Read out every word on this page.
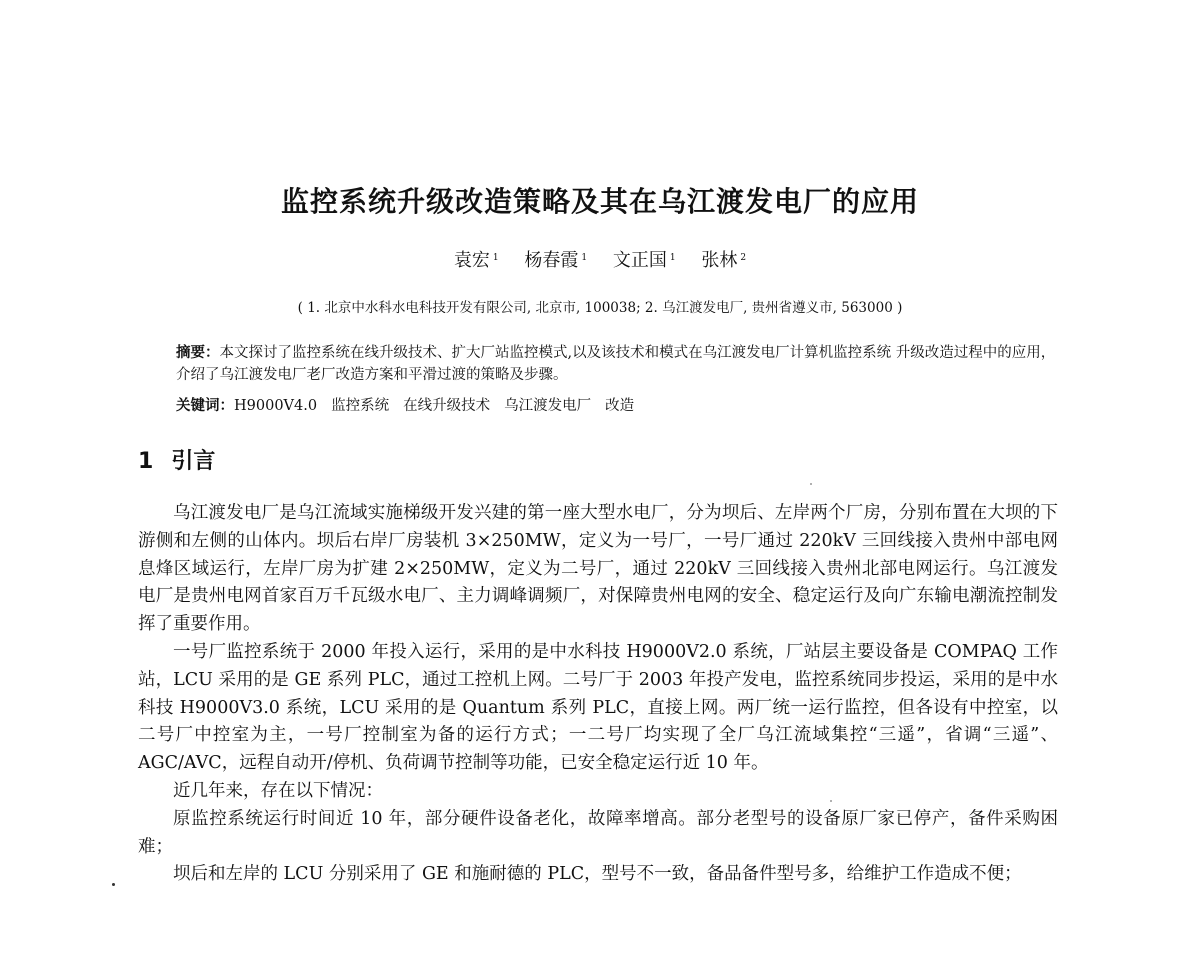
监控系统升级改造策略及其在乌江渡发电厂的应用
袁宏 $^1$ 杨春霞 $^1$ 文正国 $^1$ 张林 $^2$
( 1. 北京中水科水电科技开发有限公司, 北京市, 100038; 2. 乌江渡发电厂, 贵州省遵义市, 563000 )
摘要：本文探讨了监控系统在线升级技术、扩大厂站监控模式,以及该技术和模式在乌江渡发电厂计算机监控系统 升级改造过程中的应用，介绍了乌江渡发电厂老厂改造方案和平滑过渡的策略及步骤。
关键词：H9000V4.0 监控系统 在线升级技术 乌江渡发电厂 改造
1 引言

乌江渡发电厂是乌江流域实施梯级开发兴建的第一座大型水电厂，分为坝后、左岸两个厂房，分别布置在大坝的下游侧和左侧的山体内。坝后右岸厂房装机 3×250MW，定义为一号厂，一号厂通过 220kV 三回线接入贵州中部电网息烽区域运行，左岸厂房为扩建 2×250MW，定义为二号厂，通过 220kV 三回线接入贵州北部电网运行。乌江渡发电厂是贵州电网首家百万千瓦级水电厂、主力调峰调频厂，对保障贵州电网的安全、稳定运行及向广东输电潮流控制发挥了重要作用。

一号厂监控系统于 2000 年投入运行，采用的是中水科技 H9000V2.0 系统，厂站层主要设备是 COMPAQ 工作站，LCU 采用的是 GE 系列 PLC，通过工控机上网。二号厂于 2003 年投产发电，监控系统同步投运，采用的是中水科技 H9000V3.0 系统，LCU 采用的是 Quantum 系列 PLC，直接上网。两厂统一运行监控，但各设有中控室，以二号厂中控室为主，一号厂控制室为备的运行方式；一二号厂均实现了全厂乌江流域集控“三遥”，省调“三遥”、AGC/AVC，远程自动开/停机、负荷调节控制等功能，已安全稳定运行近 10 年。

近几年来，存在以下情况：

原监控系统运行时间近 10 年，部分硬件设备老化，故障率增高。部分老型号的设备原厂家已停产，备件采购困难；

坝后和左岸的 LCU 分别采用了 GE 和施耐德的 PLC，型号不一致，备品备件型号多，给维护工作造成不便；
